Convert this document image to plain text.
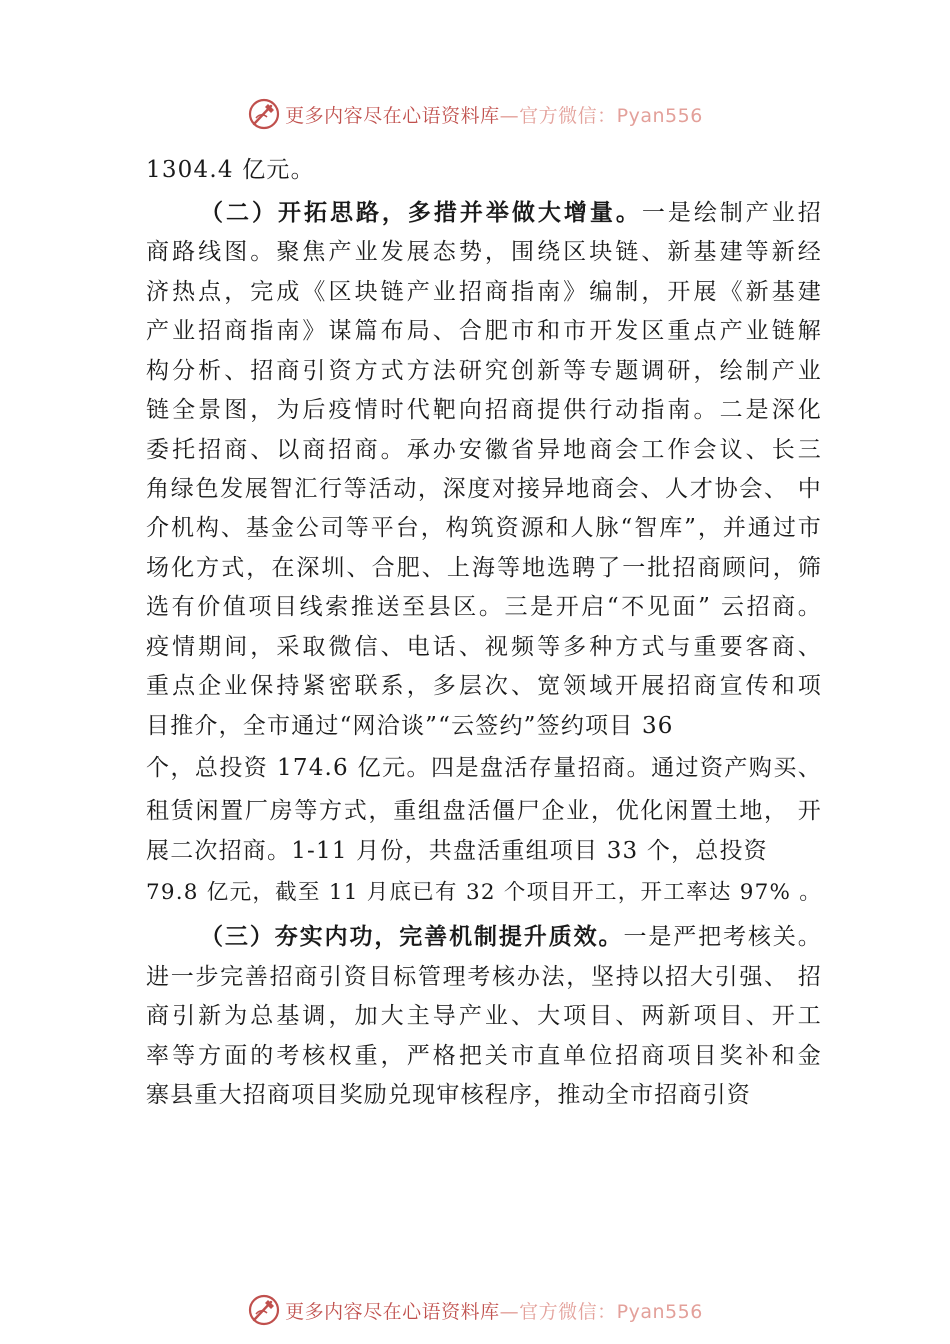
更多内容尽在心语资料库 —官方微信：Pyan556
1304.4 亿元。
（二）开拓思路，多措并举做大增量。一是绘制产业招
商路线图。聚焦产业发展态势，围绕区块链、新基建等新经
济热点，完成《区块链产业招商指南》编制，开展《新基建
产业招商指南》谋篇布局、合肥市和市开发区重点产业链解
构分析、招商引资方式方法研究创新等专题调研，绘制产业
链全景图，为后疫情时代靶向招商提供行动指南。二是深化
委托招商、以商招商。承办安徽省异地商会工作会议、长三
角绿色发展智汇行等活动，深度对接异地商会、人才协会、 中
介机构、基金公司等平台，构筑资源和人脉“智库”，并通过市
场化方式，在深圳、合肥、上海等地选聘了一批招商顾问，筛
选有价值项目线索推送至县区。三是开启“不见面” 云招商。
疫情期间，采取微信、电话、视频等多种方式与重要客商、
重点企业保持紧密联系，多层次、宽领域开展招商宣传和项
目推介，全市通过“网洽谈”“云签约”签约项目 36
个，总投资 174.6 亿元。四是盘活存量招商。通过资产购买、
租赁闲置厂房等方式，重组盘活僵尸企业，优化闲置土地， 开
展二次招商。1-11 月份，共盘活重组项目 33 个，总投资
79.8 亿元，截至 11 月底已有 32 个项目开工，开工率达 97% 。
（三）夯实内功，完善机制提升质效。一是严把考核关。
进一步完善招商引资目标管理考核办法，坚持以招大引强、 招
商引新为总基调，加大主导产业、大项目、两新项目、开工
率等方面的考核权重，严格把关市直单位招商项目奖补和金
寨县重大招商项目奖励兑现审核程序，推动全市招商引资
更多内容尽在心语资料库 —官方微信：Pyan556
